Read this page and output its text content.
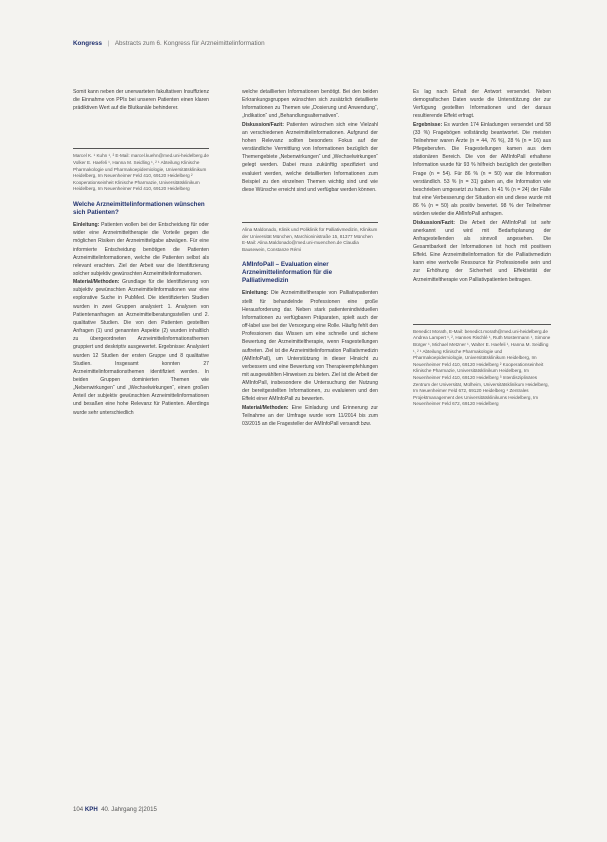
Kongress | Abstracts zum 6. Kongress für Arzneimittelinformation

Somit kann neben der unerwarteten fakultativen Insuffizienz die Einnahme von PPIs bei unseren Patienten einen klaren prädiktiven Wert auf die Blutkanäle behinderer.

Marcel K. ¹ Kuhn ¹, ² E-Mail: marcel.kuehn@med.uni-heidelberg.de Volker E. Haefeli ¹, Hanna M. Seidling ¹, ² ¹ Abteilung Klinische Pharmakologie und Pharmakoepidemiologie, Universitätsklinikum Heidelberg, Im Neuenheimer Feld 410, 69120 Heidelberg ² Kooperationseinheit Klinische Pharmazie, Universitätsklinikum Heidelberg, Im Neuenheimer Feld 410, 69120 Heidelberg

Welche Arzneimittelinformationen wünschen sich Patienten?

Einleitung: Patienten wollen bei der Entscheidung für oder wider eine Arzneimitteltherapie die Vorteile gegen die möglichen Risiken der Arzneimittelgabe abwägen. Für eine informierte Entscheidung benötigen die Patienten Arzneimittelinformationen, welche die Patienten selbst als relevant erachten. Ziel der Arbeit war die Identifizierung solcher subjektiv gewünschten Arzneimittelinformationen.

Material/Methoden: Grundlage für die Identifizierung von subjektiv gewünschten Arzneimittelinformationen war eine explorative Suche in PubMed. Die identifizierten Studien wurden in zwei Gruppen analysiert: 1. Analysen von Patientenanfragen an Arzneimittelberatungsstellen und 2. qualitative Studien. Die von den Patienten gestellten Anfragen (1) und genannten Aspekte (2) wurden inhaltlich zu übergeordneten Arzneimittelinformationsthemen gruppiert und deskriptiv ausgewertet. Ergebnisse: Analysiert wurden 12 Studien der ersten Gruppe und 8 qualitative Studien. Insgesamt konnten 27 Arzneimittelinformationsthemen identifiziert werden. In beiden Gruppen dominierten Themen wie „Nebenwirkungen“ und „Wechselwirkungen“, einen großen Anteil der subjektiv gewünschten Arzneimittelinformationen und besaßen eine hohe Relevanz für Patienten. Allerdings wurde sehr unterschiedlich

welche detaillierten Informationen benötigt. Bei den beiden Erkrankungsgruppen wünschten sich zusätzlich detaillierte Informationen zu Themen wie „Dosierung und Anwendung“, „Indikation“ und „Behandlungsalternativen“.

Diskussion/Fazit: Patienten wünschen sich eine Vielzahl an verschiedenen Arzneimittelinformationen. Aufgrund der hohen Relevanz sollten besonders Fokus auf der verständliche Vermittlung von Informationen bezüglich der Themengebiete „Nebenwirkungen“ und „Wechselwirkungen“ gelegt werden. Dabei muss zukünftig spezifiziert und evaluiert werden, welche detaillierten Informationen zum Beispiel zu den einzelnen Themen wichtig sind und wie diese Wünsche erreicht sind und verfügbar werden können.

Alina Maldonado, Klinik und Poliklinik für Palliativmedizin, Klinikum der Universität München, Marchioninistraße 15, 81377 München E-Mail: Alina.Maldonado@med.uni-muenchen.de Claudia Bausewein, Constanze Rémi

AMInfoPall – Evaluation einer Arzneimittelinformation für die Palliativmedizin

Einleitung: Die Arzneimitteltherapie von Palliativpatienten stellt für behandelnde Professionen eine große Herausforderung dar. Neben stark patientenindividuellen Informationen zu verfügbaren Präparaten, spielt auch der off-label use bei der Versorgung eine Rolle. Häufig fehlt den Professionen das Wissen um eine schnelle und sichere Bewertung der Arzneimitteltherapie, wenn Fragestellungen auftreten. Ziel ist die Arzneimittelinformation Palliativmedizin (AMInfoPall), um Unterstützung in dieser Hinsicht zu verbessern und eine Bewertung von Therapieempfehlungen mit ausgewählten Hinweisen zu bieten. Ziel ist die Arbeit der AMInfoPall, insbesondere die Untersuchung der Nutzung der bereitgestellten Informationen, zu evaluieren und den Effekt einer AMInfoPall zu bewerten.

Material/Methoden: Eine Einladung und Erinnerung zur Teilnahme an der Umfrage wurde vom 11/2014 bis zum 03/2015 an die Fragesteller der AMInfoPall versandt bzw.

Es lag nach Erhalt der Antwort versendet. Neben demografischen Daten wurde die Unterstützung der zur Verfügung gestellten Informationen und der daraus resultierende Effekt erfragt.

Ergebnisse: Es wurden 174 Einladungen versendet und 58 (33 %) Fragebögen vollständig beantwortet. Die meisten Teilnehmer waren Ärzte (n = 44, 76 %), 28 % (n = 16) aus Pflegeberufen. Die Fragestellungen kamen aus dem stationären Bereich. Die von der AMInfoPall erhaltene Information wurde für 93 % hilfreich bezüglich der gestellten Frage (n = 54). Für 86 % (n = 50) war die Information verständlich. 53 % (n = 31) gaben an, die Information wie beschrieben umgesetzt zu haben. In 41 % (n = 24) der Fälle trat eine Verbesserung der Situation ein und diese wurde mit 86 % (n = 50) als positiv bewertet. 98 % der Teilnehmer würden wieder die AMInfoPall anfragen.

Diskussion/Fazit: Die Arbeit der AMInfoPall ist sehr anerkannt und wird mit Bedarfsplanung der Anfragestellenden als sinnvoll angesehen. Die Gesamtbarkeit der Informationen ist hoch mit positiven Effekt. Eine Arzneimittelinformation für die Palliativmedizin kann eine wertvolle Ressource für Professionelle sein und zur Erhöhung der Sicherheit und Effektivität der Arzneimitteltherapie von Palliativpatienten beitragen.

Benedict Morath, E-Mail: benedict.morath@med.uni-heidelberg.de Andrea Lampert ¹, ², Hannes Rischlé ¹, Ruth Mostermann ¹, Simone Bürger ¹, Michael Metzner ¹, Walter E. Haefeli ¹, Hanna M. Seidling ¹, ² ¹ Abteilung Klinische Pharmakologie und Pharmakoepidemiologie, Universitätsklinikum Heidelberg, Im Neuenheimer Feld 410, 69120 Heidelberg ² Kooperationseinheit Klinische Pharmazie, Universitätsklinikum Heidelberg, Im Neuenheimer Feld 410, 69120 Heidelberg ³ Interdisziplinäres Zentrum der Universität, Mülheim, Universitätsklinikum Heidelberg, Im Neuenheimer Feld 672, 69120 Heidelberg ⁴ Zentrales Projektmanagement des Universitätsklinikums Heidelberg, Im Neuenheimer Feld 672, 69120 Heidelberg

104 KPH 40. Jahrgang 2|2015
